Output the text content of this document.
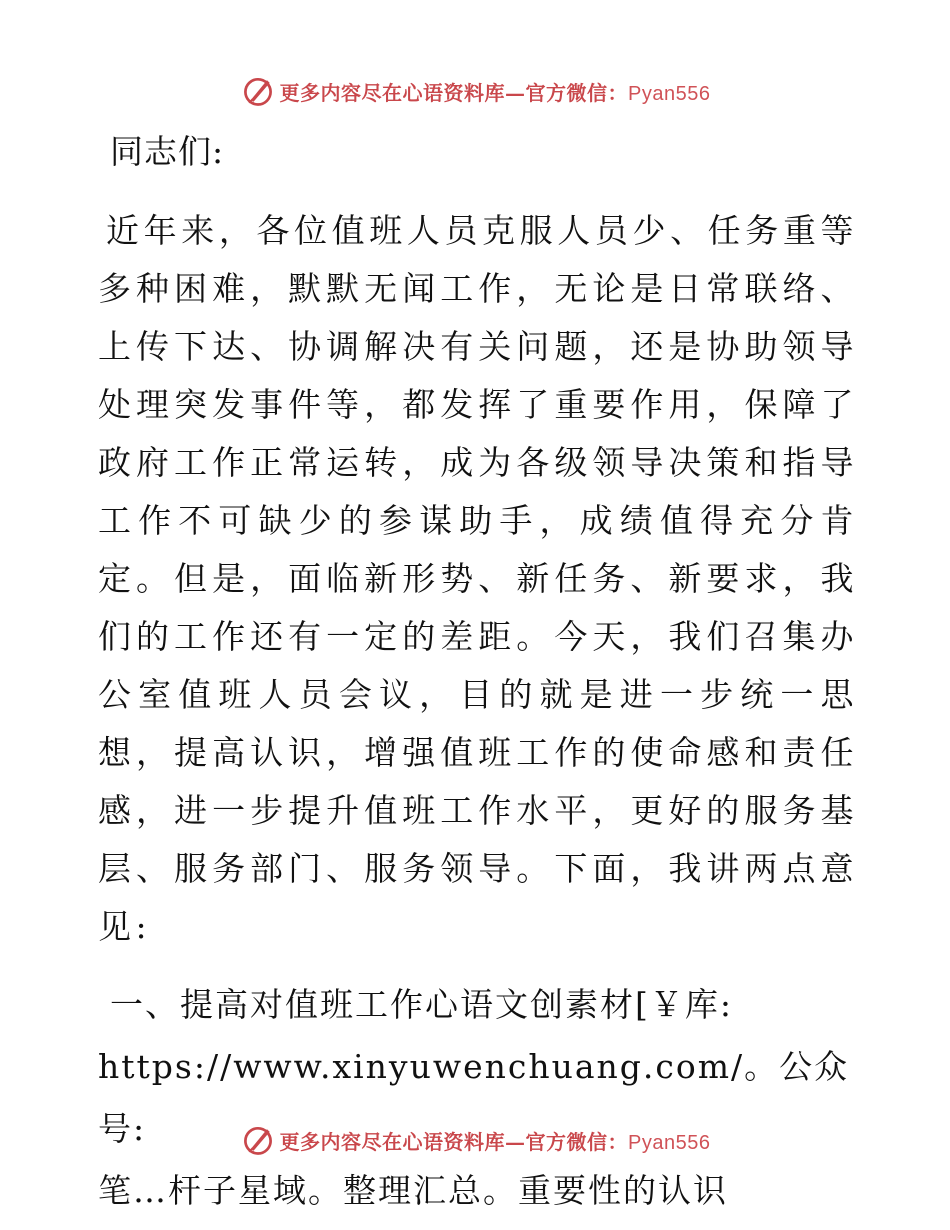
更多内容尽在心语资料库—官方微信：Pyan556
同志们:
近年来，各位值班人员克服人员少、任务重等多种困难，默默无闻工作，无论是日常联络、上传下达、协调解决有关问题，还是协助领导处理突发事件等，都发挥了重要作用，保障了政府工作正常运转，成为各级领导决策和指导工作不可缺少的参谋助手，成绩值得充分肯定。但是，面临新形势、新任务、新要求，我们的工作还有一定的差距。今天，我们召集办公室值班人员会议，目的就是进一步统一思想，提高认识，增强值班工作的使命感和责任感，进一步提升值班工作水平，更好的服务基层、服务部门、服务领导。下面，我讲两点意见:
一、提高对值班工作心语文创素材[￥库:
https://www.xinyuwenchuang.com/。公众号:
笔…杆子星域。整理汇总。重要性的认识
更多内容尽在心语资料库—官方微信：Pyan556
